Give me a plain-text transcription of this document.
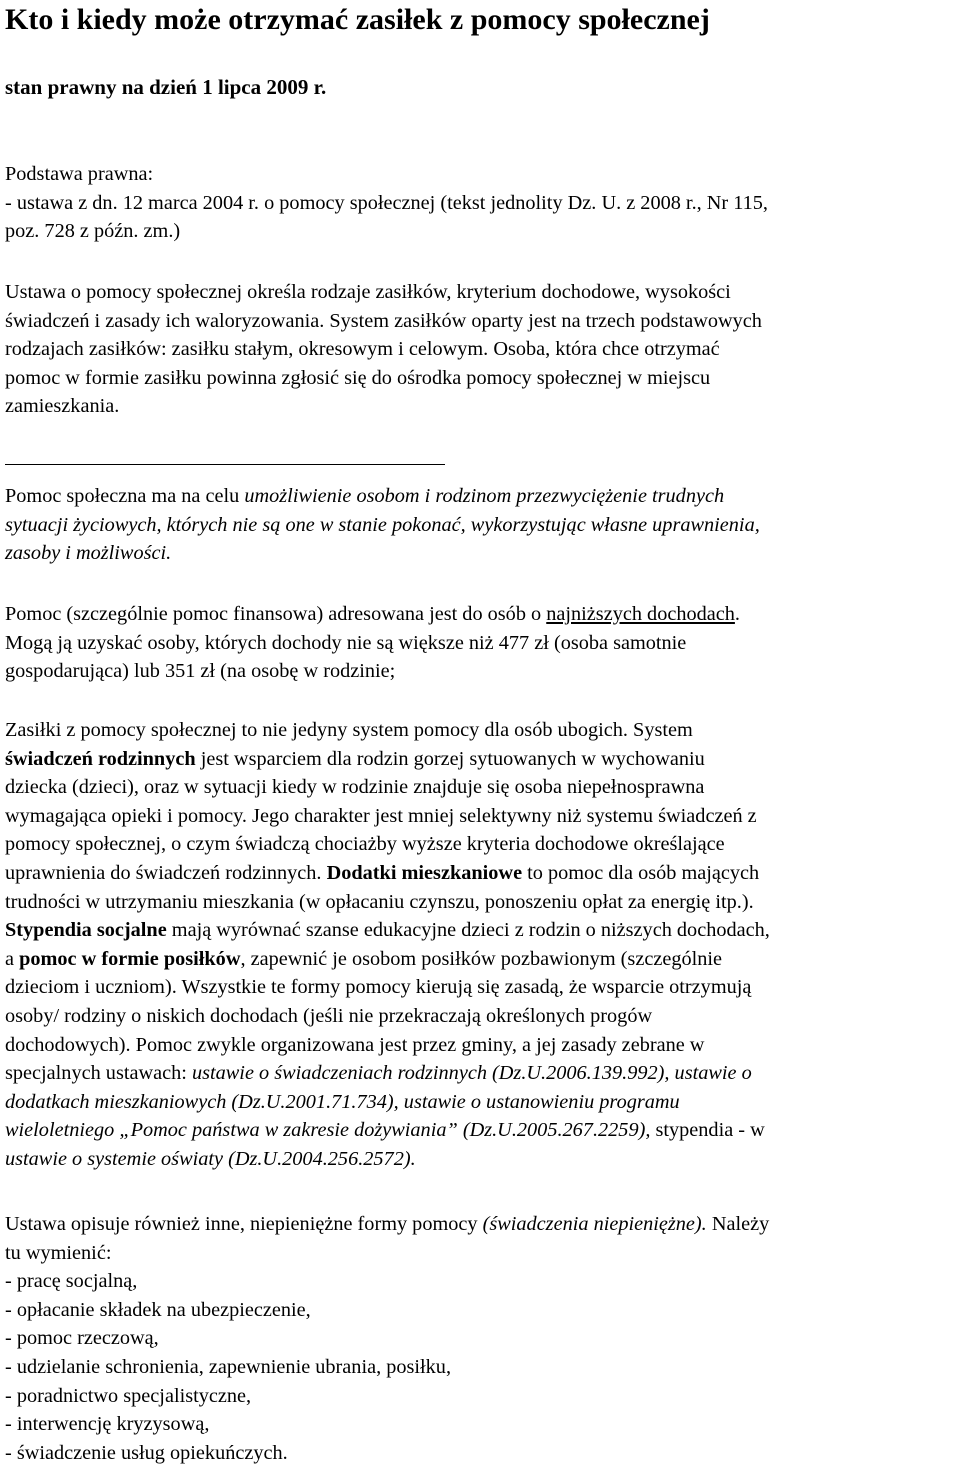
Kto i kiedy może otrzymać zasiłek z pomocy społecznej
stan prawny na dzień 1 lipca 2009 r.
Podstawa prawna:
- ustawa z dn. 12 marca 2004 r. o pomocy społecznej (tekst jednolity Dz. U. z 2008 r., Nr 115,
poz. 728 z późn. zm.)
Ustawa o pomocy społecznej określa rodzaje zasiłków, kryterium dochodowe, wysokości
świadczeń i zasady ich waloryzowania. System zasiłków oparty jest na trzech podstawowych
rodzajach zasiłków: zasiłku stałym, okresowym i celowym. Osoba, która chce otrzymać
pomoc w formie zasiłku powinna zgłosić się do ośrodka pomocy społecznej w miejscu
zamieszkania.
Pomoc społeczna ma na celu umożliwienie osobom i rodzinom przezwyciężenie trudnych
sytuacji życiowych, których nie są one w stanie pokonać, wykorzystując własne uprawnienia,
zasoby i możliwości.
Pomoc (szczególnie pomoc finansowa) adresowana jest do osób o najniższych dochodach.
Mogą ją uzyskać osoby, których dochody nie są większe niż 477 zł (osoba samotnie
gospodarująca) lub 351 zł (na osobę w rodzinie;
Zasiłki z pomocy społecznej to nie jedyny system pomocy dla osób ubogich. System
świadczeń rodzinnych jest wsparciem dla rodzin gorzej sytuowanych w wychowaniu
dziecka (dzieci), oraz w sytuacji kiedy w rodzinie znajduje się osoba niepełnosprawna
wymagająca opieki i pomocy. Jego charakter jest mniej selektywny niż systemu świadczeń z
pomocy społecznej, o czym świadczą chociażby wyższe kryteria dochodowe określające
uprawnienia do świadczeń rodzinnych. Dodatki mieszkaniowe to pomoc dla osób mających
trudności w utrzymaniu mieszkania (w opłacaniu czynszu, ponoszeniu opłat za energię itp.).
Stypendia socjalne mają wyrównać szanse edukacyjne dzieci z rodzin o niższych dochodach,
a pomoc w formie posiłków, zapewnić je osobom posiłków pozbawionym (szczególnie
dzieciom i uczniom). Wszystkie te formy pomocy kierują się zasadą, że wsparcie otrzymują
osoby/ rodziny o niskich dochodach (jeśli nie przekraczają określonych progów
dochodowych). Pomoc zwykle organizowana jest przez gminy, a jej zasady zebrane w
specjalnych ustawach: ustawie o świadczeniach rodzinnych (Dz.U.2006.139.992), ustawie o
dodatkach mieszkaniowych (Dz.U.2001.71.734), ustawie o ustanowieniu programu
wieloletniego „Pomoc państwa w zakresie dożywiania” (Dz.U.2005.267.2259), stypendia - w
ustawie o systemie oświaty (Dz.U.2004.256.2572).
Ustawa opisuje również inne, niepieniężne formy pomocy (świadczenia niepieniężne). Należy
tu wymienić:
- pracę socjalną,
- opłacanie składek na ubezpieczenie,
- pomoc rzeczową,
- udzielanie schronienia, zapewnienie ubrania, posiłku,
- poradnictwo specjalistyczne,
- interwencję kryzysową,
- świadczenie usług opiekuńczych.
